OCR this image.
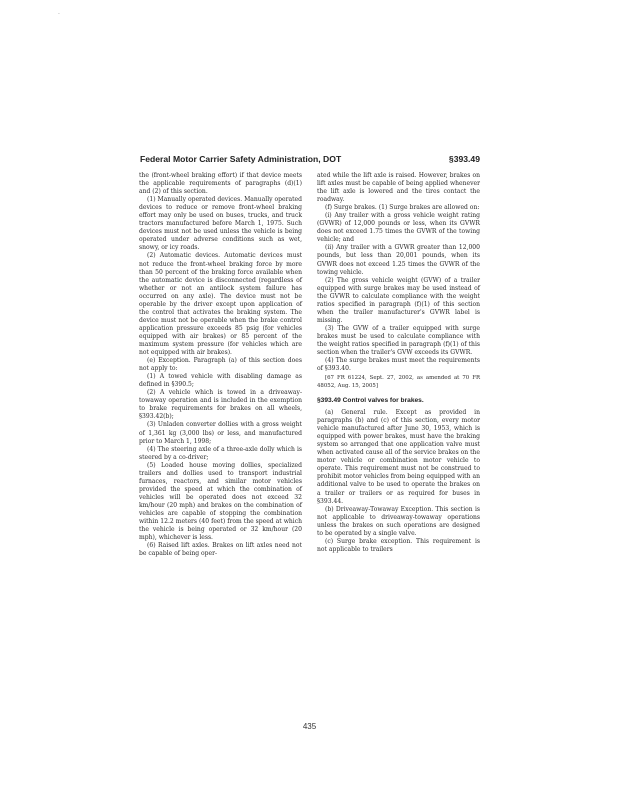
·
Federal Motor Carrier Safety Administration, DOT	§393.49

the (front-wheel braking effort) if that device meets the applicable requirements of paragraphs (d)(1) and (2) of this section.

(1) Manually operated devices. Manually operated devices to reduce or remove front-wheel braking effort may only be used on buses, trucks, and truck tractors manufactured before March 1, 1975. Such devices must not be used unless the vehicle is being operated under adverse conditions such as wet, snowy, or icy roads.

(2) Automatic devices. Automatic devices must not reduce the front-wheel braking force by more than 50 percent of the braking force available when the automatic device is disconnected (regardless of whether or not an antilock system failure has occurred on any axle). The device must not be operable by the driver except upon application of the control that activates the braking system. The device must not be operable when the brake control application pressure exceeds 85 psig (for vehicles equipped with air brakes) or 85 percent of the maximum system pressure (for vehicles which are not equipped with air brakes).

(e) Exception. Paragraph (a) of this section does not apply to:

(1) A towed vehicle with disabling damage as defined in §390.5;

(2) A vehicle which is towed in a driveaway-towaway operation and is included in the exemption to brake requirements for brakes on all wheels, §393.42(b);

(3) Unladen converter dollies with a gross weight of 1,361 kg (3,000 lbs) or less, and manufactured prior to March 1, 1998;

(4) The steering axle of a three-axle dolly which is steered by a co-driver;

(5) Loaded house moving dollies, specialized trailers and dollies used to transport industrial furnaces, reactors, and similar motor vehicles provided the speed at which the combination of vehicles will be operated does not exceed 32 km/hour (20 mph) and brakes on the combination of vehicles are capable of stopping the combination within 12.2 meters (40 feet) from the speed at which the vehicle is being operated or 32 km/hour (20 mph), whichever is less.

(6) Raised lift axles. Brakes on lift axles need not be capable of being oper-

ated while the lift axle is raised. However, brakes on lift axles must be capable of being applied whenever the lift axle is lowered and the tires contact the roadway.

(f) Surge brakes. (1) Surge brakes are allowed on:

(i) Any trailer with a gross vehicle weight rating (GVWR) of 12,000 pounds or less, when its GVWR does not exceed 1.75 times the GVWR of the towing vehicle; and

(ii) Any trailer with a GVWR greater than 12,000 pounds, but less than 20,001 pounds, when its GVWR does not exceed 1.25 times the GVWR of the towing vehicle.

(2) The gross vehicle weight (GVW) of a trailer equipped with surge brakes may be used instead of the GVWR to calculate compliance with the weight ratios specified in paragraph (f)(1) of this section when the trailer manufacturer's GVWR label is missing.

(3) The GVW of a trailer equipped with surge brakes must be used to calculate compliance with the weight ratios specified in paragraph (f)(1) of this section when the trailer's GVW exceeds its GVWR.

(4) The surge brakes must meet the requirements of §393.40.

[67 FR 61224, Sept. 27, 2002, as amended at 70 FR 48052, Aug. 15, 2005]

§393.49 Control valves for brakes.

(a) General rule. Except as provided in paragraphs (b) and (c) of this section, every motor vehicle manufactured after June 30, 1953, which is equipped with power brakes, must have the braking system so arranged that one application valve must when activated cause all of the service brakes on the motor vehicle or combination motor vehicle to operate. This requirement must not be construed to prohibit motor vehicles from being equipped with an additional valve to be used to operate the brakes on a trailer or trailers or as required for buses in §393.44.

(b) Driveaway-Towaway Exception. This section is not applicable to driveaway-towaway operations unless the brakes on such operations are designed to be operated by a single valve.

(c) Surge brake exception. This requirement is not applicable to trailers

435
